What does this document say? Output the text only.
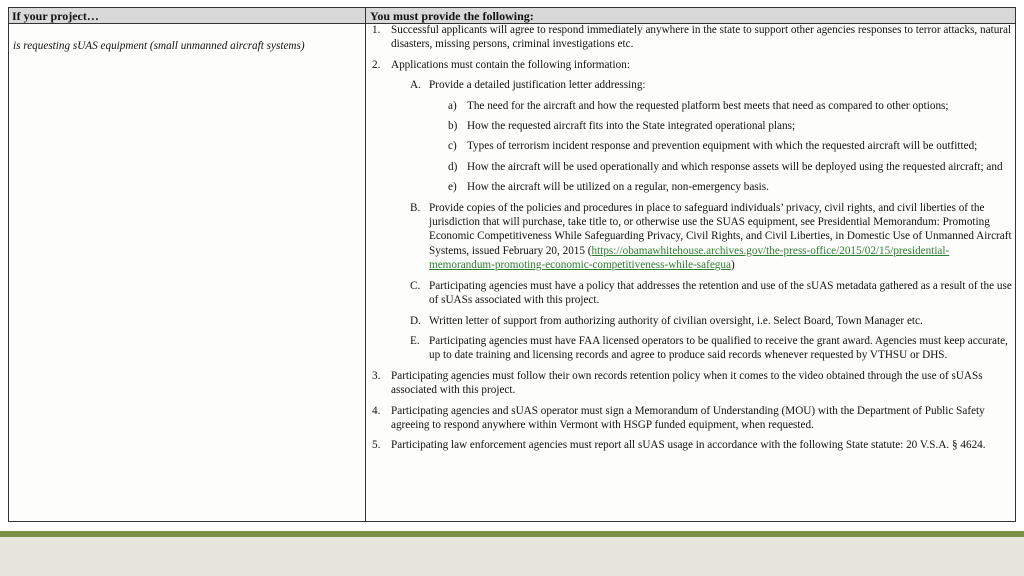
If your project…	You must provide the following:
is requesting sUAS equipment (small unmanned aircraft systems)
1. Successful applicants will agree to respond immediately anywhere in the state to support other agencies responses to terror attacks, natural disasters, missing persons, criminal investigations etc.
2. Applications must contain the following information:
A. Provide a detailed justification letter addressing:
a) The need for the aircraft and how the requested platform best meets that need as compared to other options;
b) How the requested aircraft fits into the State integrated operational plans;
c) Types of terrorism incident response and prevention equipment with which the requested aircraft will be outfitted;
d) How the aircraft will be used operationally and which response assets will be deployed using the requested aircraft; and
e) How the aircraft will be utilized on a regular, non-emergency basis.
B. Provide copies of the policies and procedures in place to safeguard individuals’ privacy, civil rights, and civil liberties of the jurisdiction that will purchase, take title to, or otherwise use the SUAS equipment, see Presidential Memorandum: Promoting Economic Competitiveness While Safeguarding Privacy, Civil Rights, and Civil Liberties, in Domestic Use of Unmanned Aircraft Systems, issued February 20, 2015 (https://obamawhitehouse.archives.gov/the-press-office/2015/02/15/presidential-memorandum-promoting-economic-competitiveness-while-safegua)
C. Participating agencies must have a policy that addresses the retention and use of the sUAS metadata gathered as a result of the use of sUASs associated with this project.
D. Written letter of support from authorizing authority of civilian oversight, i.e. Select Board, Town Manager etc.
E. Participating agencies must have FAA licensed operators to be qualified to receive the grant award. Agencies must keep accurate, up to date training and licensing records and agree to produce said records whenever requested by VTHSU or DHS.
3. Participating agencies must follow their own records retention policy when it comes to the video obtained through the use of sUASs associated with this project.
4. Participating agencies and sUAS operator must sign a Memorandum of Understanding (MOU) with the Department of Public Safety agreeing to respond anywhere within Vermont with HSGP funded equipment, when requested.
5. Participating law enforcement agencies must report all sUAS usage in accordance with the following State statute: 20 V.S.A. § 4624.
